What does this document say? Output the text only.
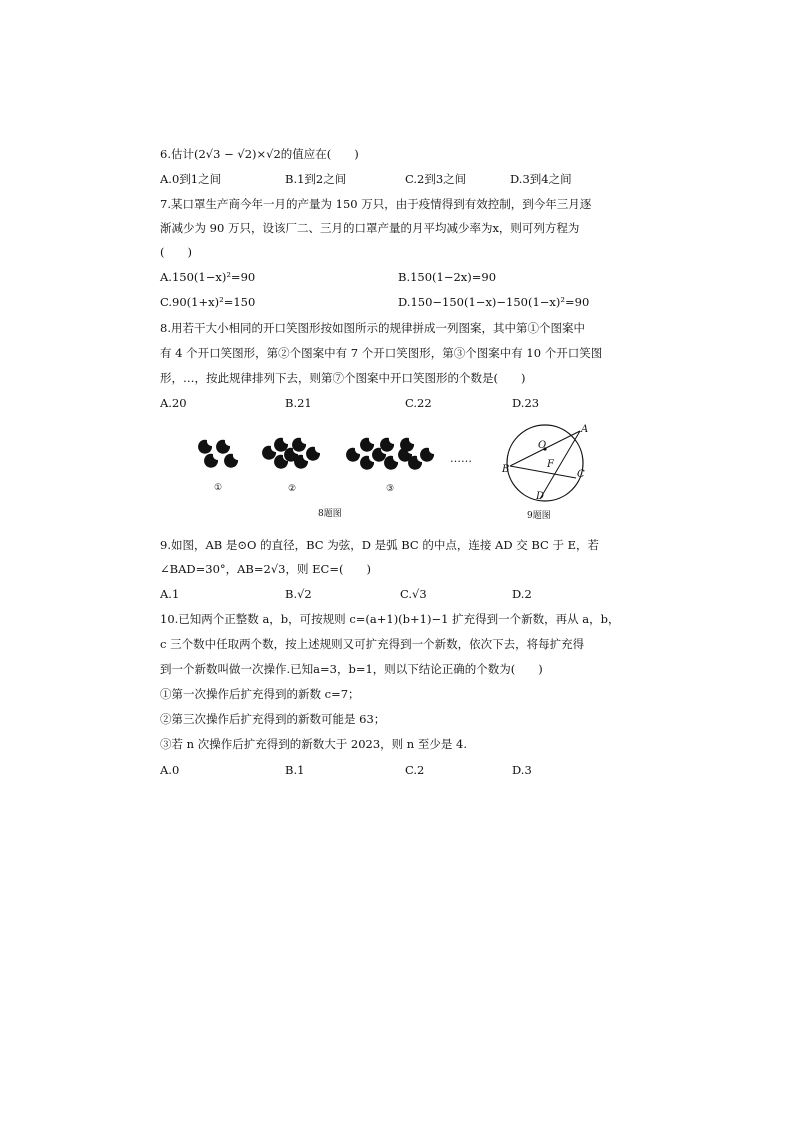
6.估计(2√3 − √2)×√2的值应在(　　)
A.0到1之间	B.1到2之间	C.2到3之间	D.3到4之间
7.某口罩生产商今年一月的产量为 150 万只，由于疫情得到有效控制，到今年三月逐
渐减少为 90 万只，设该厂二、三月的口罩产量的月平均减少率为x，则可列方程为
(　　)
A.150(1−x)²=90	B.150(1−2x)=90
C.90(1+x)²=150	D.150−150(1−x)−150(1−x)²=90
8.用若干大小相同的开口笑图形按如图所示的规律拼成一列图案，其中第①个图案中
有 4 个开口笑图形，第②个图案中有 7 个开口笑图形，第③个图案中有 10 个开口笑图
形，…，按此规律排列下去，则第⑦个图案中开口笑图形的个数是(　　)
A.20	B.21	C.22	D.23
①	②	③
……
8题图
O
A
B	F
C
D
9题图
9.如图，AB 是⊙O 的直径，BC 为弦，D 是弧 BC 的中点，连接 AD 交 BC 于 E，若
∠BAD=30°，AB=2√3，则 EC=(　　)
A.1	B.√2	C.√3	D.2
10.已知两个正整数 a，b，可按规则 c=(a+1)(b+1)−1 扩充得到一个新数，再从 a，b，
c 三个数中任取两个数，按上述规则又可扩充得到一个新数，依次下去，将每扩充得
到一个新数叫做一次操作.已知a=3，b=1，则以下结论正确的个数为(　　)
①第一次操作后扩充得到的新数 c=7；
②第三次操作后扩充得到的新数可能是 63；
③若 n 次操作后扩充得到的新数大于 2023，则 n 至少是 4.
A.0	B.1	C.2	D.3
